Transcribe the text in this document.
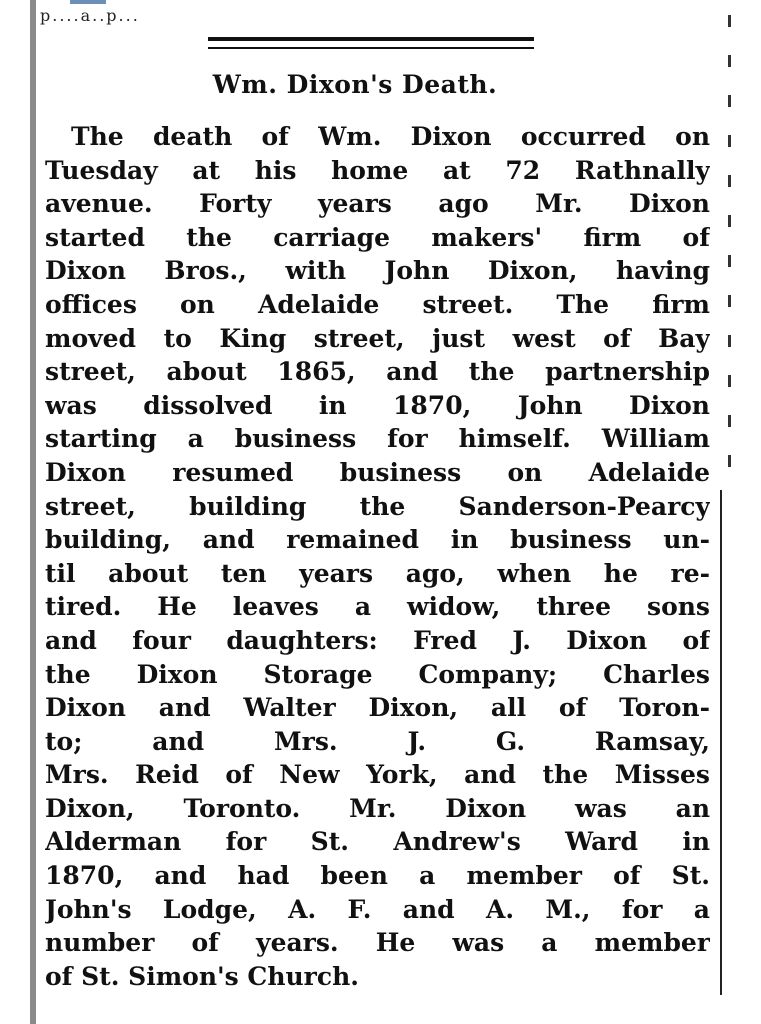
p....a..p...
Wm. Dixon's Death.
The death of Wm. Dixon occurred on
Tuesday at his home at 72 Rathnally
avenue. Forty years ago Mr. Dixon
started the carriage makers' firm of
Dixon Bros., with John Dixon, having
offices on Adelaide street. The firm
moved to King street, just west of Bay
street, about 1865, and the partnership
was dissolved in 1870, John Dixon
starting a business for himself. William
Dixon resumed business on Adelaide
street, building the Sanderson-Pearcy
building, and remained in business un-
til about ten years ago, when he re-
tired. He leaves a widow, three sons
and four daughters: Fred J. Dixon of
the Dixon Storage Company; Charles
Dixon and Walter Dixon, all of Toron-
to; and Mrs. J. G. Ramsay,
Mrs. Reid of New York, and the Misses
Dixon, Toronto. Mr. Dixon was an
Alderman for St. Andrew's Ward in
1870, and had been a member of St.
John's Lodge, A. F. and A. M., for a
number of years. He was a member
of St. Simon's Church.
